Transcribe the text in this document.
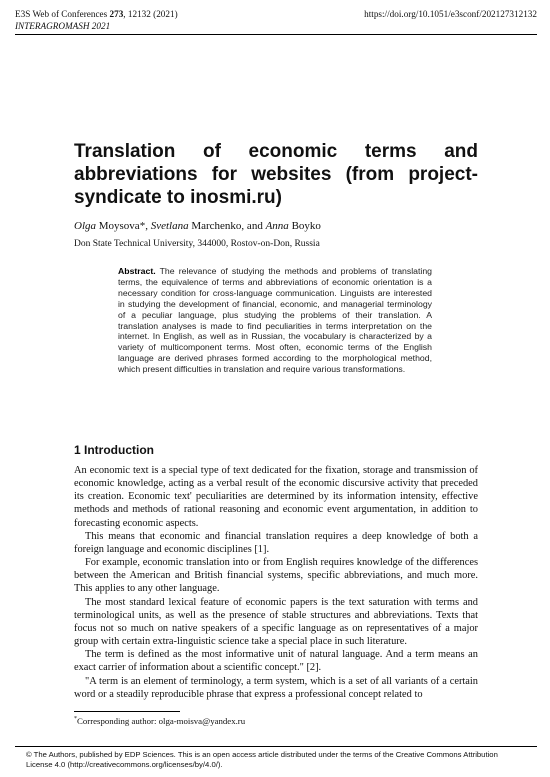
E3S Web of Conferences 273, 12132 (2021)	https://doi.org/10.1051/e3sconf/202127312132
INTERAGROMASH 2021
Translation of economic terms and abbreviations for websites (from project-syndicate to inosmi.ru)
Olga Moysova*, Svetlana Marchenko, and Anna Boyko
Don State Technical University, 344000, Rostov-on-Don, Russia
Abstract. The relevance of studying the methods and problems of translating terms, the equivalence of terms and abbreviations of economic orientation is a necessary condition for cross-language communication. Linguists are interested in studying the development of financial, economic, and managerial terminology of a peculiar language, plus studying the problems of their translation. A translation analyses is made to find peculiarities in terms interpretation on the internet. In English, as well as in Russian, the vocabulary is characterized by a variety of multicomponent terms. Most often, economic terms of the English language are derived phrases formed according to the morphological method, which present difficulties in translation and require various transformations.
1 Introduction

An economic text is a special type of text dedicated for the fixation, storage and transmission of economic knowledge, acting as a verbal result of the economic discursive activity that preceded its creation. Economic text' peculiarities are determined by its information intensity, effective methods and methods of rational reasoning and economic event argumentation, in addition to forecasting economic aspects.

This means that economic and financial translation requires a deep knowledge of both a foreign language and economic disciplines [1].

For example, economic translation into or from English requires knowledge of the differences between the American and British financial systems, specific abbreviations, and much more. This applies to any other language.

The most standard lexical feature of economic papers is the text saturation with terms and terminological units, as well as the presence of stable structures and abbreviations. Texts that focus not so much on native speakers of a specific language as on representatives of a major group with certain extra-linguistic science take a special place in such literature.

The term is defined as the most informative unit of natural language. And a term means an exact carrier of information about a scientific concept." [2].

"A term is an element of terminology, a term system, which is a set of all variants of a certain word or a steadily reproducible phrase that express a professional concept related to

*Corresponding author: olga-moisva@yandex.ru
© The Authors, published by EDP Sciences. This is an open access article distributed under the terms of the Creative Commons Attribution License 4.0 (http://creativecommons.org/licenses/by/4.0/).
